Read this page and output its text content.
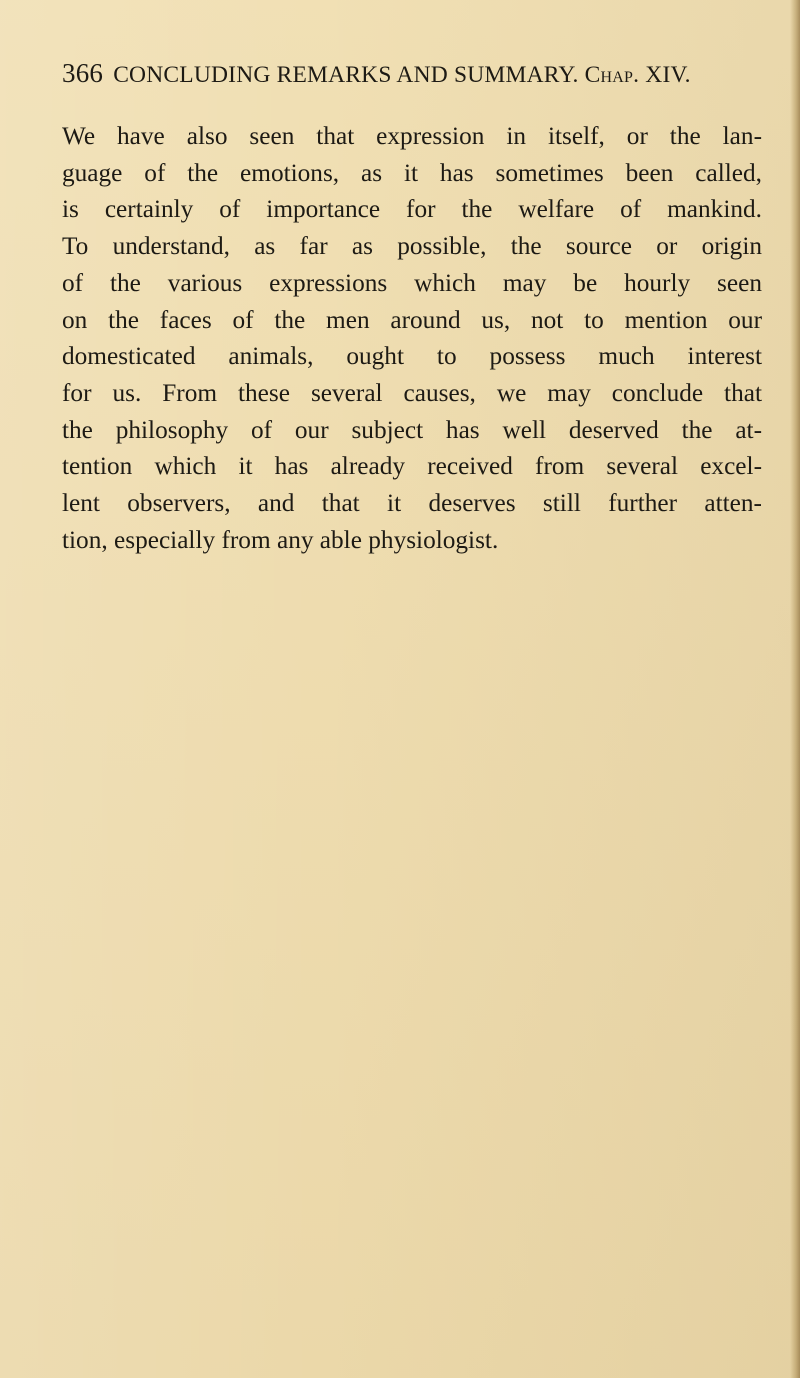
366 CONCLUDING REMARKS AND SUMMARY. Chap. XIV.
We have also seen that expression in itself, or the lan-
guage of the emotions, as it has sometimes been called,
is certainly of importance for the welfare of mankind.
To understand, as far as possible, the source or origin
of the various expressions which may be hourly seen
on the faces of the men around us, not to mention our
domesticated animals, ought to possess much interest
for us. From these several causes, we may conclude that
the philosophy of our subject has well deserved the at-
tention which it has already received from several excel-
lent observers, and that it deserves still further atten-
tion, especially from any able physiologist.
